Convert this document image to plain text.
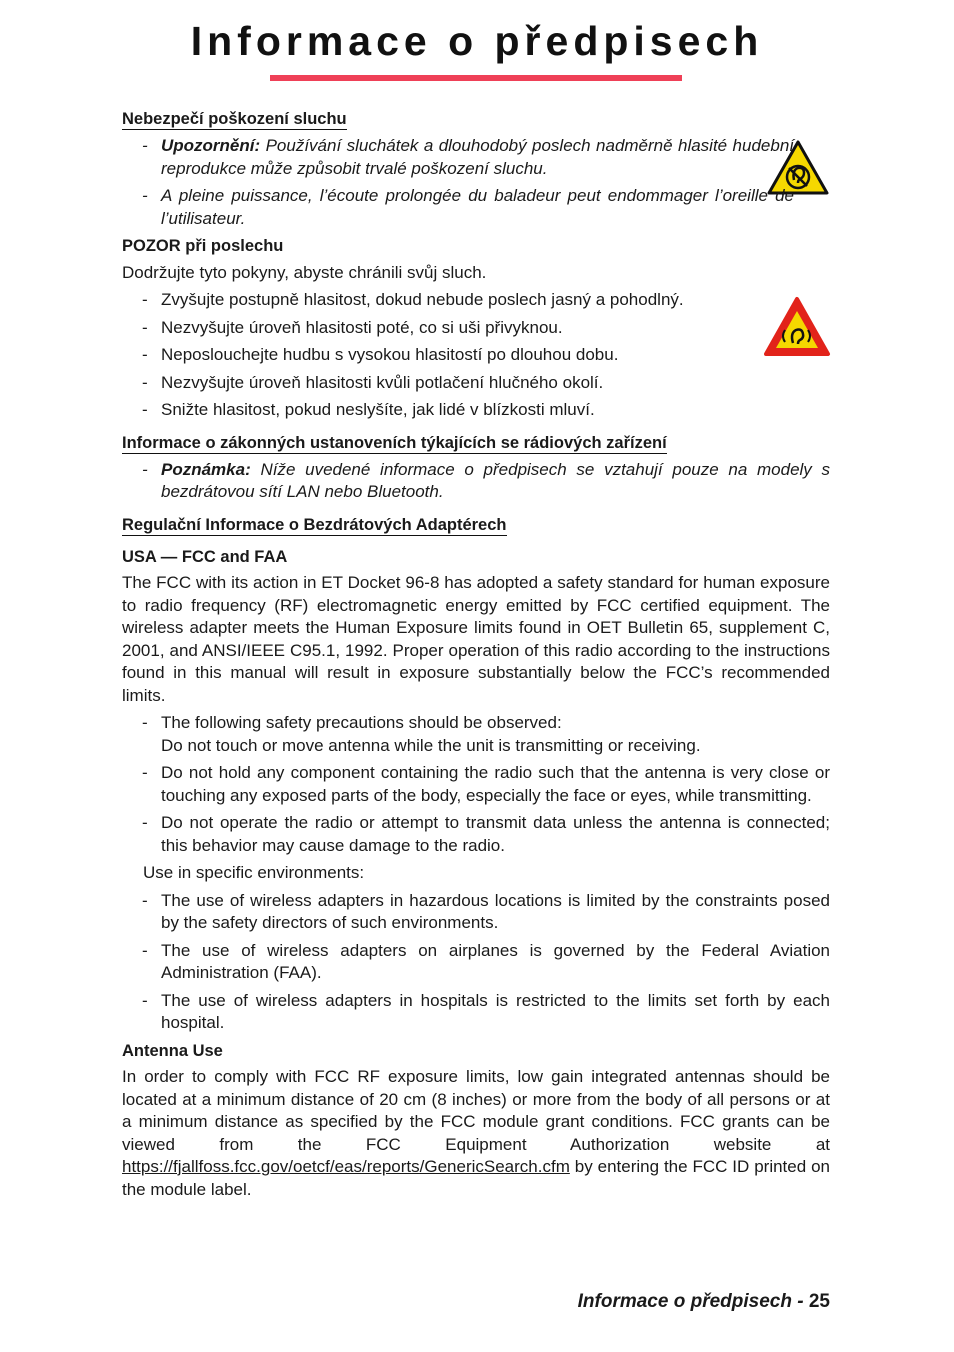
Informace o předpisech
Nebezpečí poškození sluchu
- Upozornění: Používání sluchátek a dlouhodobý poslech nadměrně hlasité hudební reprodukce může způsobit trvalé poškození sluchu.
- A pleine puissance, l’écoute prolongée du baladeur peut endommager l’oreille de l’utilisateur.
POZOR při poslechu

Dodržujte tyto pokyny, abyste chránili svůj sluch.

- Zvyšujte postupně hlasitost, dokud nebude poslech jasný a pohodlný.
- Nezvyšujte úroveň hlasitosti poté, co si uši přivyknou.
- Neposlouchejte hudbu s vysokou hlasitostí po dlouhou dobu.
- Nezvyšujte úroveň hlasitosti kvůli potlačení hlučného okolí.
- Snižte hlasitost, pokud neslyšíte, jak lidé v blízkosti mluví.
Informace o zákonných ustanoveních týkajících se rádiových zařízení
- Poznámka: Níže uvedené informace o předpisech se vztahují pouze na modely s bezdrátovou sítí LAN nebo Bluetooth.
Regulační Informace o Bezdrátových Adaptérech
USA — FCC and FAA

The FCC with its action in ET Docket 96-8 has adopted a safety standard for human exposure to radio frequency (RF) electromagnetic energy emitted by FCC certified equipment. The wireless adapter meets the Human Exposure limits found in OET Bulletin 65, supplement C, 2001, and ANSI/IEEE C95.1, 1992. Proper operation of this radio according to the instructions found in this manual will result in exposure substantially below the FCC’s recommended limits.

- The following safety precautions should be observed:
Do not touch or move antenna while the unit is transmitting or receiving.
- Do not hold any component containing the radio such that the antenna is very close or touching any exposed parts of the body, especially the face or eyes, while transmitting.
- Do not operate the radio or attempt to transmit data unless the antenna is connected; this behavior may cause damage to the radio.
Use in specific environments:
- The use of wireless adapters in hazardous locations is limited by the constraints posed by the safety directors of such environments.
- The use of wireless adapters on airplanes is governed by the Federal Aviation Administration (FAA).
- The use of wireless adapters in hospitals is restricted to the limits set forth by each hospital.
Antenna Use

In order to comply with FCC RF exposure limits, low gain integrated antennas should be located at a minimum distance of 20 cm (8 inches) or more from the body of all persons or at a minimum distance as specified by the FCC module grant conditions. FCC grants can be viewed from the FCC Equipment Authorization website at https://fjallfoss.fcc.gov/oetcf/eas/reports/GenericSearch.cfm by entering the FCC ID printed on the module label.

Informace o předpisech - 25
